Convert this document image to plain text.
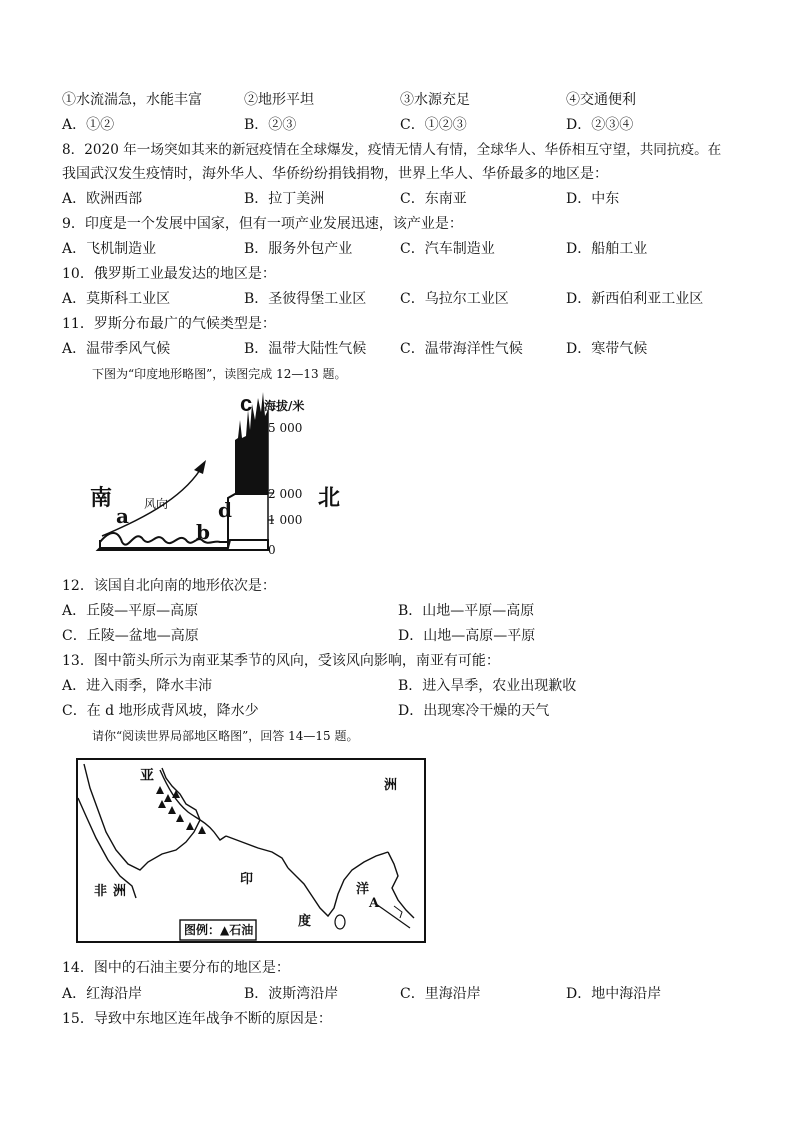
①水流湍急，水能丰富	②地形平坦	③水源充足	④交通便利
A．①②	B．②③	C．①②③	D．②③④
8．2020 年一场突如其来的新冠疫情在全球爆发，疫情无情人有情，全球华人、华侨相互守望，共同抗疫。在
我国武汉发生疫情时，海外华人、华侨纷纷捐钱捐物，世界上华人、华侨最多的地区是：
A．欧洲西部	B．拉丁美洲	C．东南亚	D．中东
9．印度是一个发展中国家，但有一项产业发展迅速，该产业是：
A．飞机制造业	B．服务外包产业	C．汽车制造业	D．船舶工业
10．俄罗斯工业最发达的地区是：
A．莫斯科工业区	B．圣彼得堡工业区 C．乌拉尔工业区	D．新西伯利亚工业区
11．罗斯分布最广的气候类型是：
A．温带季风气候	B．温带大陆性气候 C．温带海洋性气候	D．寒带气候
下图为“印度地形略图”，读图完成 12—13 题。
c 海拔/米
5 000
2 000
1 000
0
南	北
风向
a
b
d
12．该国自北向南的地形依次是：
A．丘陵—平原—高原	B．山地—平原—高原
C．丘陵—盆地—高原	D．山地—高原—平原
13．图中箭头所示为南亚某季节的风向，受该风向影响，南亚有可能：
A．进入雨季，降水丰沛	B．进入旱季，农业出现歉收
C．在 d 地形成背风坡，降水少	D．出现寒冷干燥的天气
请你“阅读世界局部地区略图”，回答 14—15 题。
亚
洲
非洲
印
洋
度
A
图例：▲石油
14．图中的石油主要分布的地区是：
A．红海沿岸	B．波斯湾沿岸	C．里海沿岸	D．地中海沿岸
15．导致中东地区连年战争不断的原因是：
